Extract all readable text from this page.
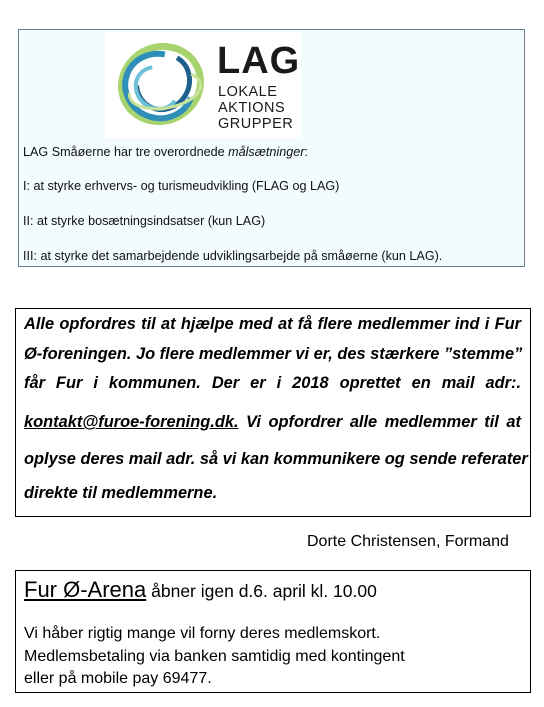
LAG
LOKALE
AKTIONS
GRUPPER
LAG Småøerne har tre overordnede målsætninger:
I: at styrke erhvervs- og turismeudvikling (FLAG og LAG)
II: at styrke bosætningsindsatser (kun LAG)
III: at styrke det samarbejdende udviklingsarbejde på småøerne (kun LAG).
Alle opfordres til at hjælpe med at få flere medlemmer ind i Fur
Ø-foreningen. Jo flere medlemmer vi er, des stærkere ”stemme”
får Fur i kommunen. Der er i 2018 oprettet en mail adr:.
kontakt@furoe-forening.dk. Vi opfordrer alle medlemmer til at
oplyse deres mail adr. så vi kan kommunikere og sende referater
direkte til medlemmerne.
Dorte Christensen, Formand
Fur Ø-Arena åbner igen d.6. april kl. 10.00
Vi håber rigtig mange vil forny deres medlemskort.
Medlemsbetaling via banken samtidig med kontingent
eller på mobile pay 69477.
